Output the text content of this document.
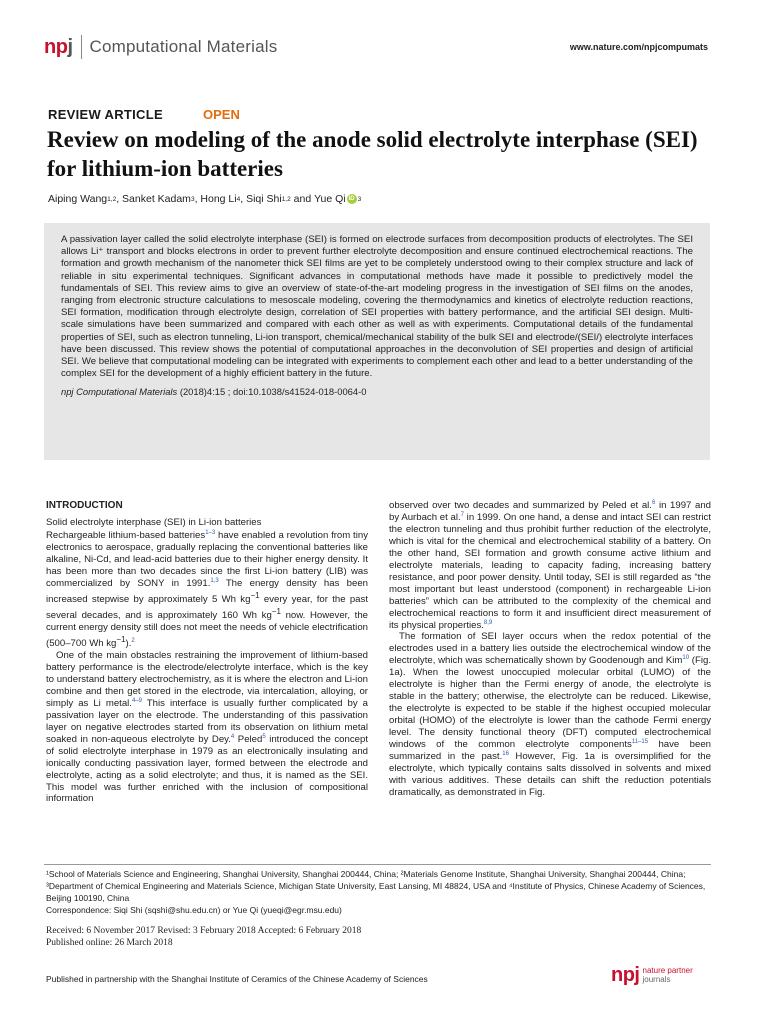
npj Computational Materials	www.nature.com/npjcompumats
REVIEW ARTICLE	OPEN
Review on modeling of the anode solid electrolyte interphase (SEI) for lithium-ion batteries
Aiping Wang 1,2 , Sanket Kadam 3 , Hong Li 4 , Siqi Shi 1,2
and
Yue Qi iD 3

A passivation layer called the solid electrolyte interphase (SEI) is formed on electrode surfaces from decomposition products of electrolytes. The SEI allows Li⁺ transport and blocks electrons in order to prevent further electrolyte decomposition and ensure continued electrochemical reactions. The formation and growth mechanism of the nanometer thick SEI films are yet to be completely understood owing to their complex structure and lack of reliable in situ experimental techniques. Significant advances in computational methods have made it possible to predictively model the fundamentals of SEI. This review aims to give an overview of state-of-the-art modeling progress in the investigation of SEI films on the anodes, ranging from electronic structure calculations to mesoscale modeling, covering the thermodynamics and kinetics of electrolyte reduction reactions, SEI formation, modification through electrolyte design, correlation of SEI properties with battery performance, and the artificial SEI design. Multi-scale simulations have been summarized and compared with each other as well as with experiments. Computational details of the fundamental properties of SEI, such as electron tunneling, Li-ion transport, chemical/mechanical stability of the bulk SEI and electrode/(SEI/) electrolyte interfaces have been discussed. This review shows the potential of computational approaches in the deconvolution of SEI properties and design of artificial SEI. We believe that computational modeling can be integrated with experiments to complement each other and lead to a better understanding of the complex SEI for the development of a highly efficient battery in the future.

npj Computational Materials (2018)4:15 ; doi:10.1038/s41524-018-0064-0
INTRODUCTION
Solid electrolyte interphase (SEI) in Li-ion batteries

Rechargeable lithium-based batteries$^{1-3}$ have enabled a revolution from tiny electronics to aerospace, gradually replacing the conventional batteries like alkaline, Ni-Cd, and lead-acid batteries due to their higher energy density. It has been more than two decades since the first Li-ion battery (LIB) was commercialized by SONY in 1991.$^{1,3}$ The energy density has been increased stepwise by approximately 5 Wh $kg^{-1}$ every year, for the past several decades, and is approximately 160 Wh $kg^{-1}$ now. However, the current energy density still does not meet the needs of vehicle electrification (500–700 Wh $kg^{-1}).^2$

One of the main obstacles restraining the improvement of lithium-based battery performance is the electrode/electrolyte interface, which is the key to understand battery electrochemistry, as it is where the electron and Li-ion combine and then get stored in the electrode, via intercalation, alloying, or simply as Li metal.$^{4-9}$ This interface is usually further complicated by a passivation layer on the electrode. The understanding of this passivation layer on negative electrodes started from its observation on lithium metal soaked in non-aqueous electrolyte by Dey.$^4$ Peled$^5$ introduced the concept of solid electrolyte interphase in 1979 as an electronically insulating and ionically conducting passivation layer, formed between the electrode and electrolyte, acting as a solid electrolyte; and thus, it is named as the SEI. This model was further enriched with the inclusion of compositional information

observed over two decades and summarized by Peled et al.$^6$ in 1997 and by Aurbach et al.$^7$ in 1999. On one hand, a dense and intact SEI can restrict the electron tunneling and thus prohibit further reduction of the electrolyte, which is vital for the chemical and electrochemical stability of a battery. On the other hand, SEI formation and growth consume active lithium and electrolyte materials, leading to capacity fading, increasing battery resistance, and poor power density. Until today, SEI is still regarded as “the most important but least understood (component) in rechargeable Li-ion batteries” which can be attributed to the complexity of the chemical and electrochemical reactions to form it and insufficient direct measurement of its physical properties.$^{8,9}$

The formation of SEI layer occurs when the redox potential of the electrodes used in a battery lies outside the electrochemical window of the electrolyte, which was schematically shown by Goodenough and Kim$^{10}$ (Fig. 1a). When the lowest unoccupied molecular orbital (LUMO) of the electrolyte is higher than the Fermi energy of anode, the electrolyte is stable in the battery; otherwise, the electrolyte can be reduced. Likewise, the electrolyte is expected to be stable if the highest occupied molecular orbital (HOMO) of the electrolyte is lower than the cathode Fermi energy level. The density functional theory (DFT) computed electrochemical windows of the common electrolyte components$^{11-15}$ have been summarized in the past.$^{16}$ However, Fig. 1a is oversimplified for the electrolyte, which typically contains salts dissolved in solvents and mixed with various additives. These details can shift the reduction potentials dramatically, as demonstrated in Fig.

¹School of Materials Science and Engineering, Shanghai University, Shanghai 200444, China; ²Materials Genome Institute, Shanghai University, Shanghai 200444, China;
³Department of Chemical Engineering and Materials Science, Michigan State University, East Lansing, MI 48824, USA and ⁴Institute of Physics, Chinese Academy of Sciences,
Beijing 100190, China
Correspondence: Siqi Shi (sqshi@shu.edu.cn) or Yue Qi (yueqi@egr.msu.edu)
Received: 6 November 2017 Revised: 3 February 2018 Accepted: 6 February 2018
Published online: 26 March 2018
Published in partnership with the Shanghai Institute of Ceramics of the Chinese Academy of Sciences	npj nature partner
journals
